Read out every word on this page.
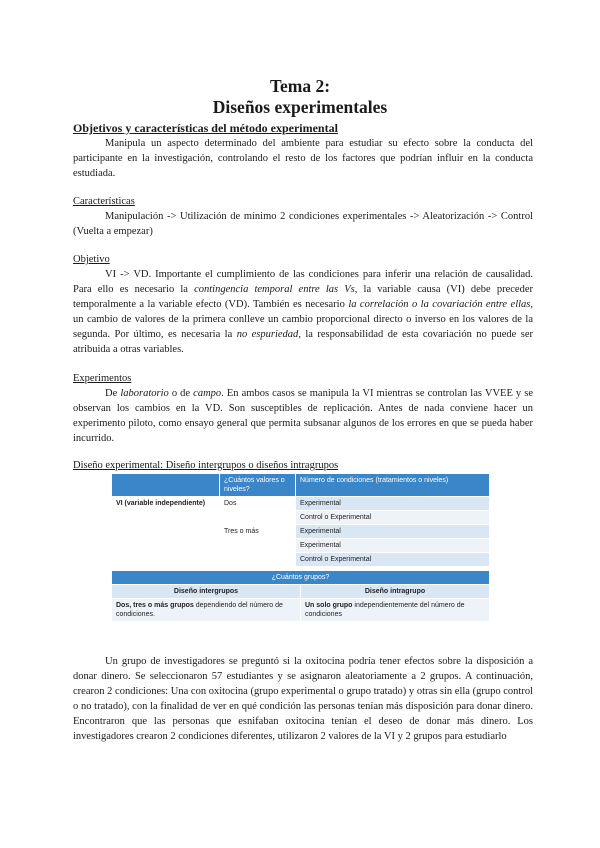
Tema 2:
Diseños experimentales

Objetivos y características del método experimental

Manipula un aspecto determinado del ambiente para estudiar su efecto sobre la conducta del participante en la investigación, controlando el resto de los factores que podrían influir en la conducta estudiada.

Características

Manipulación -> Utilización de mínimo 2 condiciones experimentales -> Aleatorización -> Control (Vuelta a empezar)

Objetivo

VI -> VD. Importante el cumplimiento de las condiciones para inferir una relación de causalidad. Para ello es necesario la contingencia temporal entre las Vs, la variable causa (VI) debe preceder temporalmente a la variable efecto (VD). También es necesario la correlación o la covariación entre ellas, un cambio de valores de la primera conlleve un cambio proporcional directo o inverso en los valores de la segunda. Por último, es necesaria la no espuriedad, la responsabilidad de esta covariación no puede ser atribuida a otras variables.

Experimentos

De laboratorio o de campo. En ambos casos se manipula la VI mientras se controlan las VVEE y se observan los cambios en la VD. Son susceptibles de replicación. Antes de nada conviene hacer un experimento piloto, como ensayo general que permita subsanar algunos de los errores en que se pueda haber incurrido.

Diseño experimental: Diseño intergrupos o diseños intragrupos

	¿Cuántos valores o niveles?	Número de condiciones (tratamientos o niveles)
VI (variable independiente)	Dos	Experimental
		Control o Experimental
	Tres o más	Experimental
		Experimental
		Control o Experimental
¿Cuántos grupos?	
Diseño intergrupos	Diseño intragrupo
Dos, tres o más grupos dependiendo del número de condiciones.	Un solo grupo independientemente del número de condiciones

Un grupo de investigadores se preguntó si la oxitocina podría tener efectos sobre la disposición a donar dinero. Se seleccionaron 57 estudiantes y se asignaron aleatoriamente a 2 grupos. A continuación, crearon 2 condiciones: Una con oxitocina (grupo experimental o grupo tratado) y otras sin ella (grupo control o no tratado), con la finalidad de ver en qué condición las personas tenían más disposición para donar dinero. Encontraron que las personas que esnifaban oxitocina tenían el deseo de donar más dinero. Los investigadores crearon 2 condiciones diferentes, utilizaron 2 valores de la VI y 2 grupos para estudiarlo
